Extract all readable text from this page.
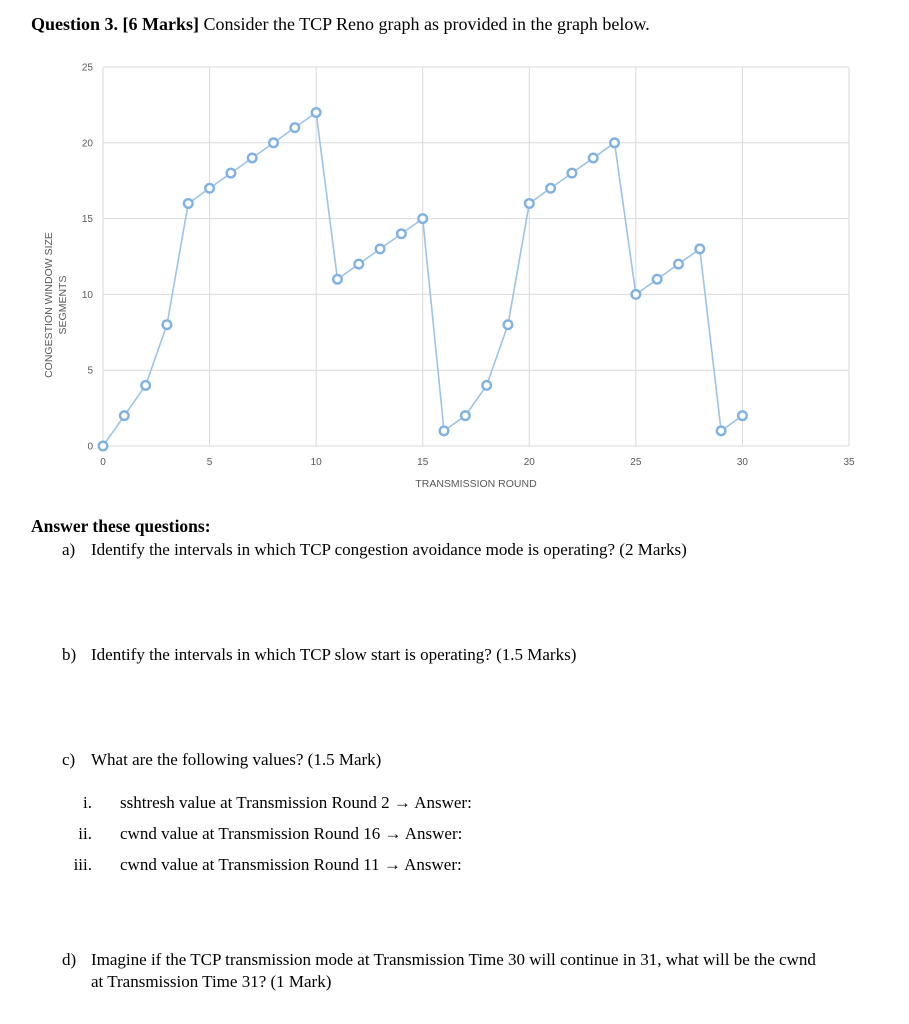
Question 3. [6 Marks] Consider the TCP Reno graph as provided in the graph below.
0	5	10	15	20	25	30	35
0
5
10
15
20
25
TRANSMISSION ROUND
CONGESTION WINDOW SIZE SEGMENTS
Answer these questions:
a) Identify the intervals in which TCP congestion avoidance mode is operating? (2 Marks)
b) Identify the intervals in which TCP slow start is operating? (1.5 Marks)
c) What are the following values? (1.5 Mark)
i. sshtresh value at Transmission Round 2 → Answer:
ii. cwnd value at Transmission Round 16 → Answer:
iii. cwnd value at Transmission Round 11 → Answer:
d) Imagine if the TCP transmission mode at Transmission Time 30 will continue in 31, what will be the cwnd
at Transmission Time 31? (1 Mark)
